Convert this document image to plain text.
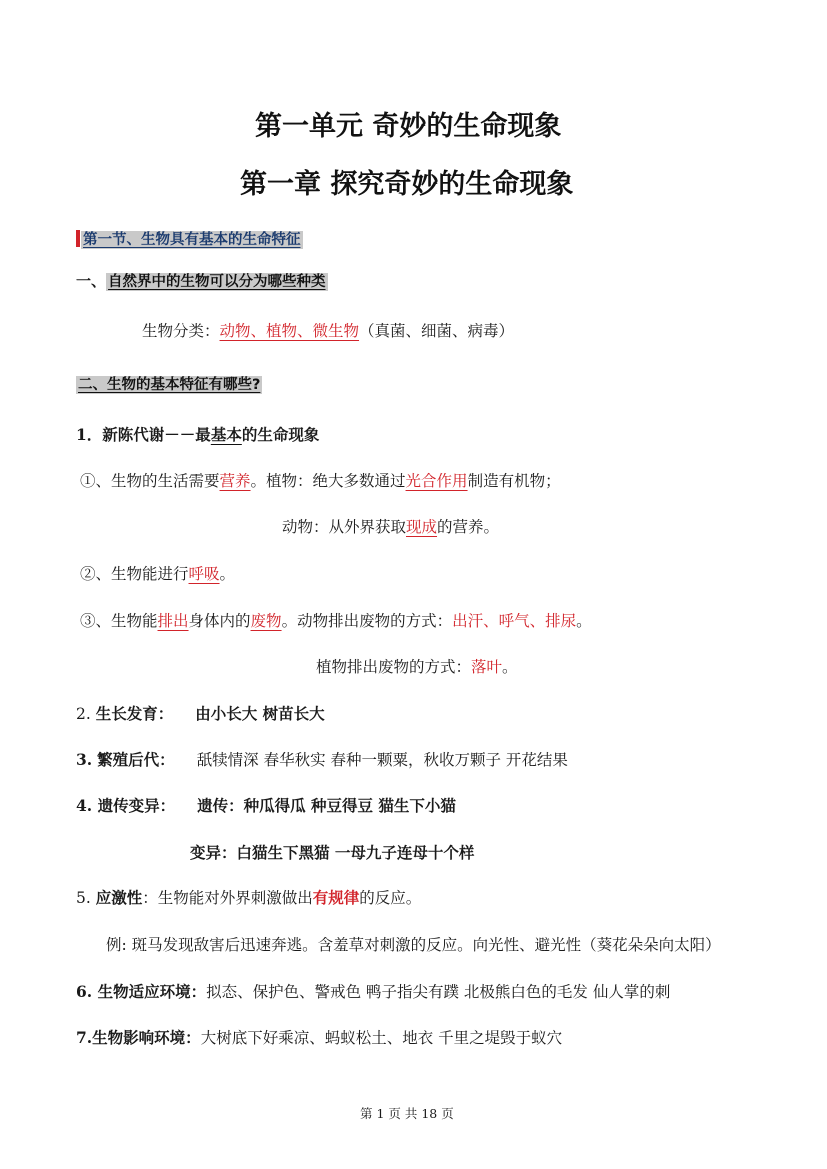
第一单元 奇妙的生命现象
第一章 探究奇妙的生命现象
第一节、生物具有基本的生命特征
一、 自然界中的生物可以分为哪些种类
生物分类：动物、植物、微生物（真菌、细菌、病毒）
二、生物的基本特征有哪些?
1．新陈代谢－－最基本的生命现象
①、生物的生活需要营养。植物：绝大多数通过光合作用制造有机物；
动物：从外界获取现成的营养。
②、生物能进行呼吸。
③、生物能排出身体内的废物。动物排出废物的方式：出汗、呼气、排尿。
植物排出废物的方式：落叶。
2. 生长发育： 由小长大 树苗长大
3. 繁殖后代： 舐犊情深 春华秋实 春种一颗粟，秋收万颗子 开花结果
4. 遗传变异： 遗传：种瓜得瓜 种豆得豆 猫生下小猫
变异：白猫生下黑猫 一母九子连母十个样
5. 应激性：生物能对外界刺激做出有规律的反应。
例: 斑马发现敌害后迅速奔逃。含羞草对刺激的反应。向光性、避光性（葵花朵朵向太阳）
6. 生物适应环境：拟态、保护色、警戒色 鸭子指尖有蹼 北极熊白色的毛发 仙人掌的刺
7.生物影响环境：大树底下好乘凉、蚂蚁松土、地衣 千里之堤毁于蚁穴
第 1 页 共 18 页
